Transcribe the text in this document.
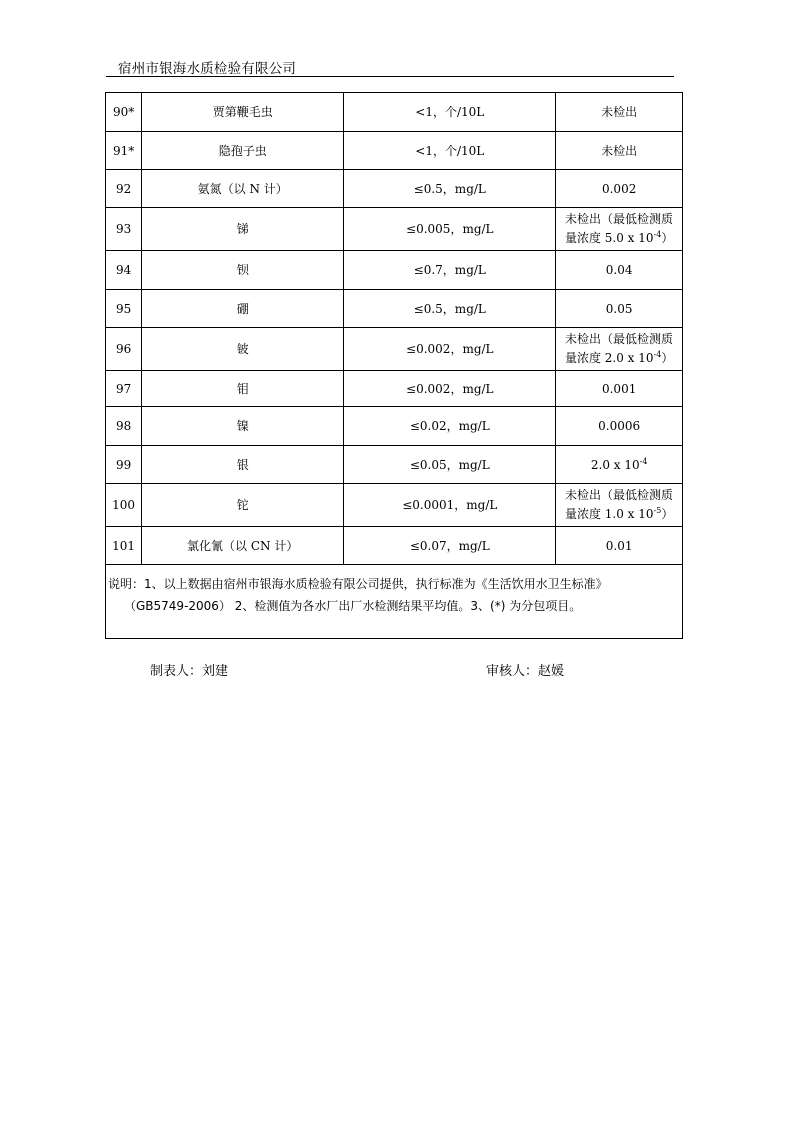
宿州市银海水质检验有限公司
90*	贾第鞭毛虫	<1，个/10L	未检出
91*	隐孢子虫	<1，个/10L	未检出
92	氨氮（以 N 计）	≤0.5，mg/L	0.002
93	锑	≤0.005，mg/L	未检出（最低检测质
量浓度 5.0 x $10^{-4}$）
94	钡	≤0.7，mg/L	0.04
95	硼	≤0.5，mg/L	0.05
96	铍	≤0.002，mg/L	未检出（最低检测质
量浓度 2.0 x $10^{-4}$）
97	钼	≤0.002，mg/L	0.001
98	镍	≤0.02，mg/L	0.0006
99	银	≤0.05，mg/L	2.0 x $10^{-4}$
100	铊	≤0.0001，mg/L	未检出（最低检测质
量浓度 1.0 x $10^{-5}$）
101	氯化氰（以 CN 计）	≤0.07，mg/L	0.01
说明：1、以上数据由宿州市银海水质检验有限公司提供，执行标准为《生活饮用水卫生标准》

（GB5749-2006） 2、检测值为各水厂出厂水检测结果平均值。3、(*) 为分包项目。			
制表人：刘建	审核人：赵媛
